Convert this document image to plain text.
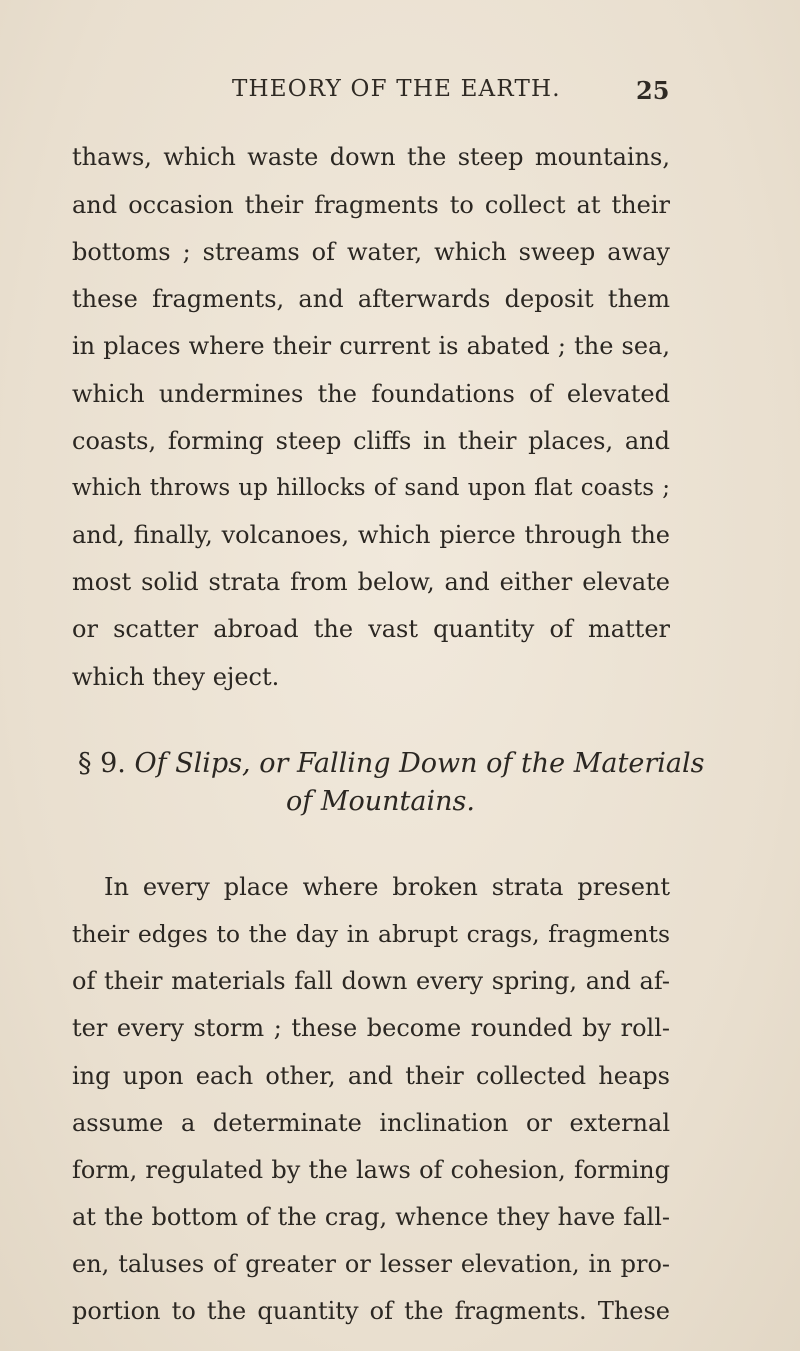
THEORY OF THE EARTH.	25
thaws, which waste down the steep mountains,
and occasion their fragments to collect at their
bottoms ; streams of water, which sweep away
these fragments, and afterwards deposit them
in places where their current is abated ; the sea,
which undermines the foundations of elevated
coasts, forming steep cliffs in their places, and
which throws up hillocks of sand upon flat coasts ;
and, finally, volcanoes, which pierce through the
most solid strata from below, and either elevate
or scatter abroad the vast quantity of matter
which they eject.
§ 9. Of Slips, or Falling Down of the Materials
of Mountains.
In every place where broken strata present
their edges to the day in abrupt crags, fragments
of their materials fall down every spring, and af-
ter every storm ; these become rounded by roll-
ing upon each other, and their collected heaps
assume a determinate inclination or external
form, regulated by the laws of cohesion, forming
at the bottom of the crag, whence they have fall-
en, taluses of greater or lesser elevation, in pro-
portion to the quantity of the fragments. These
